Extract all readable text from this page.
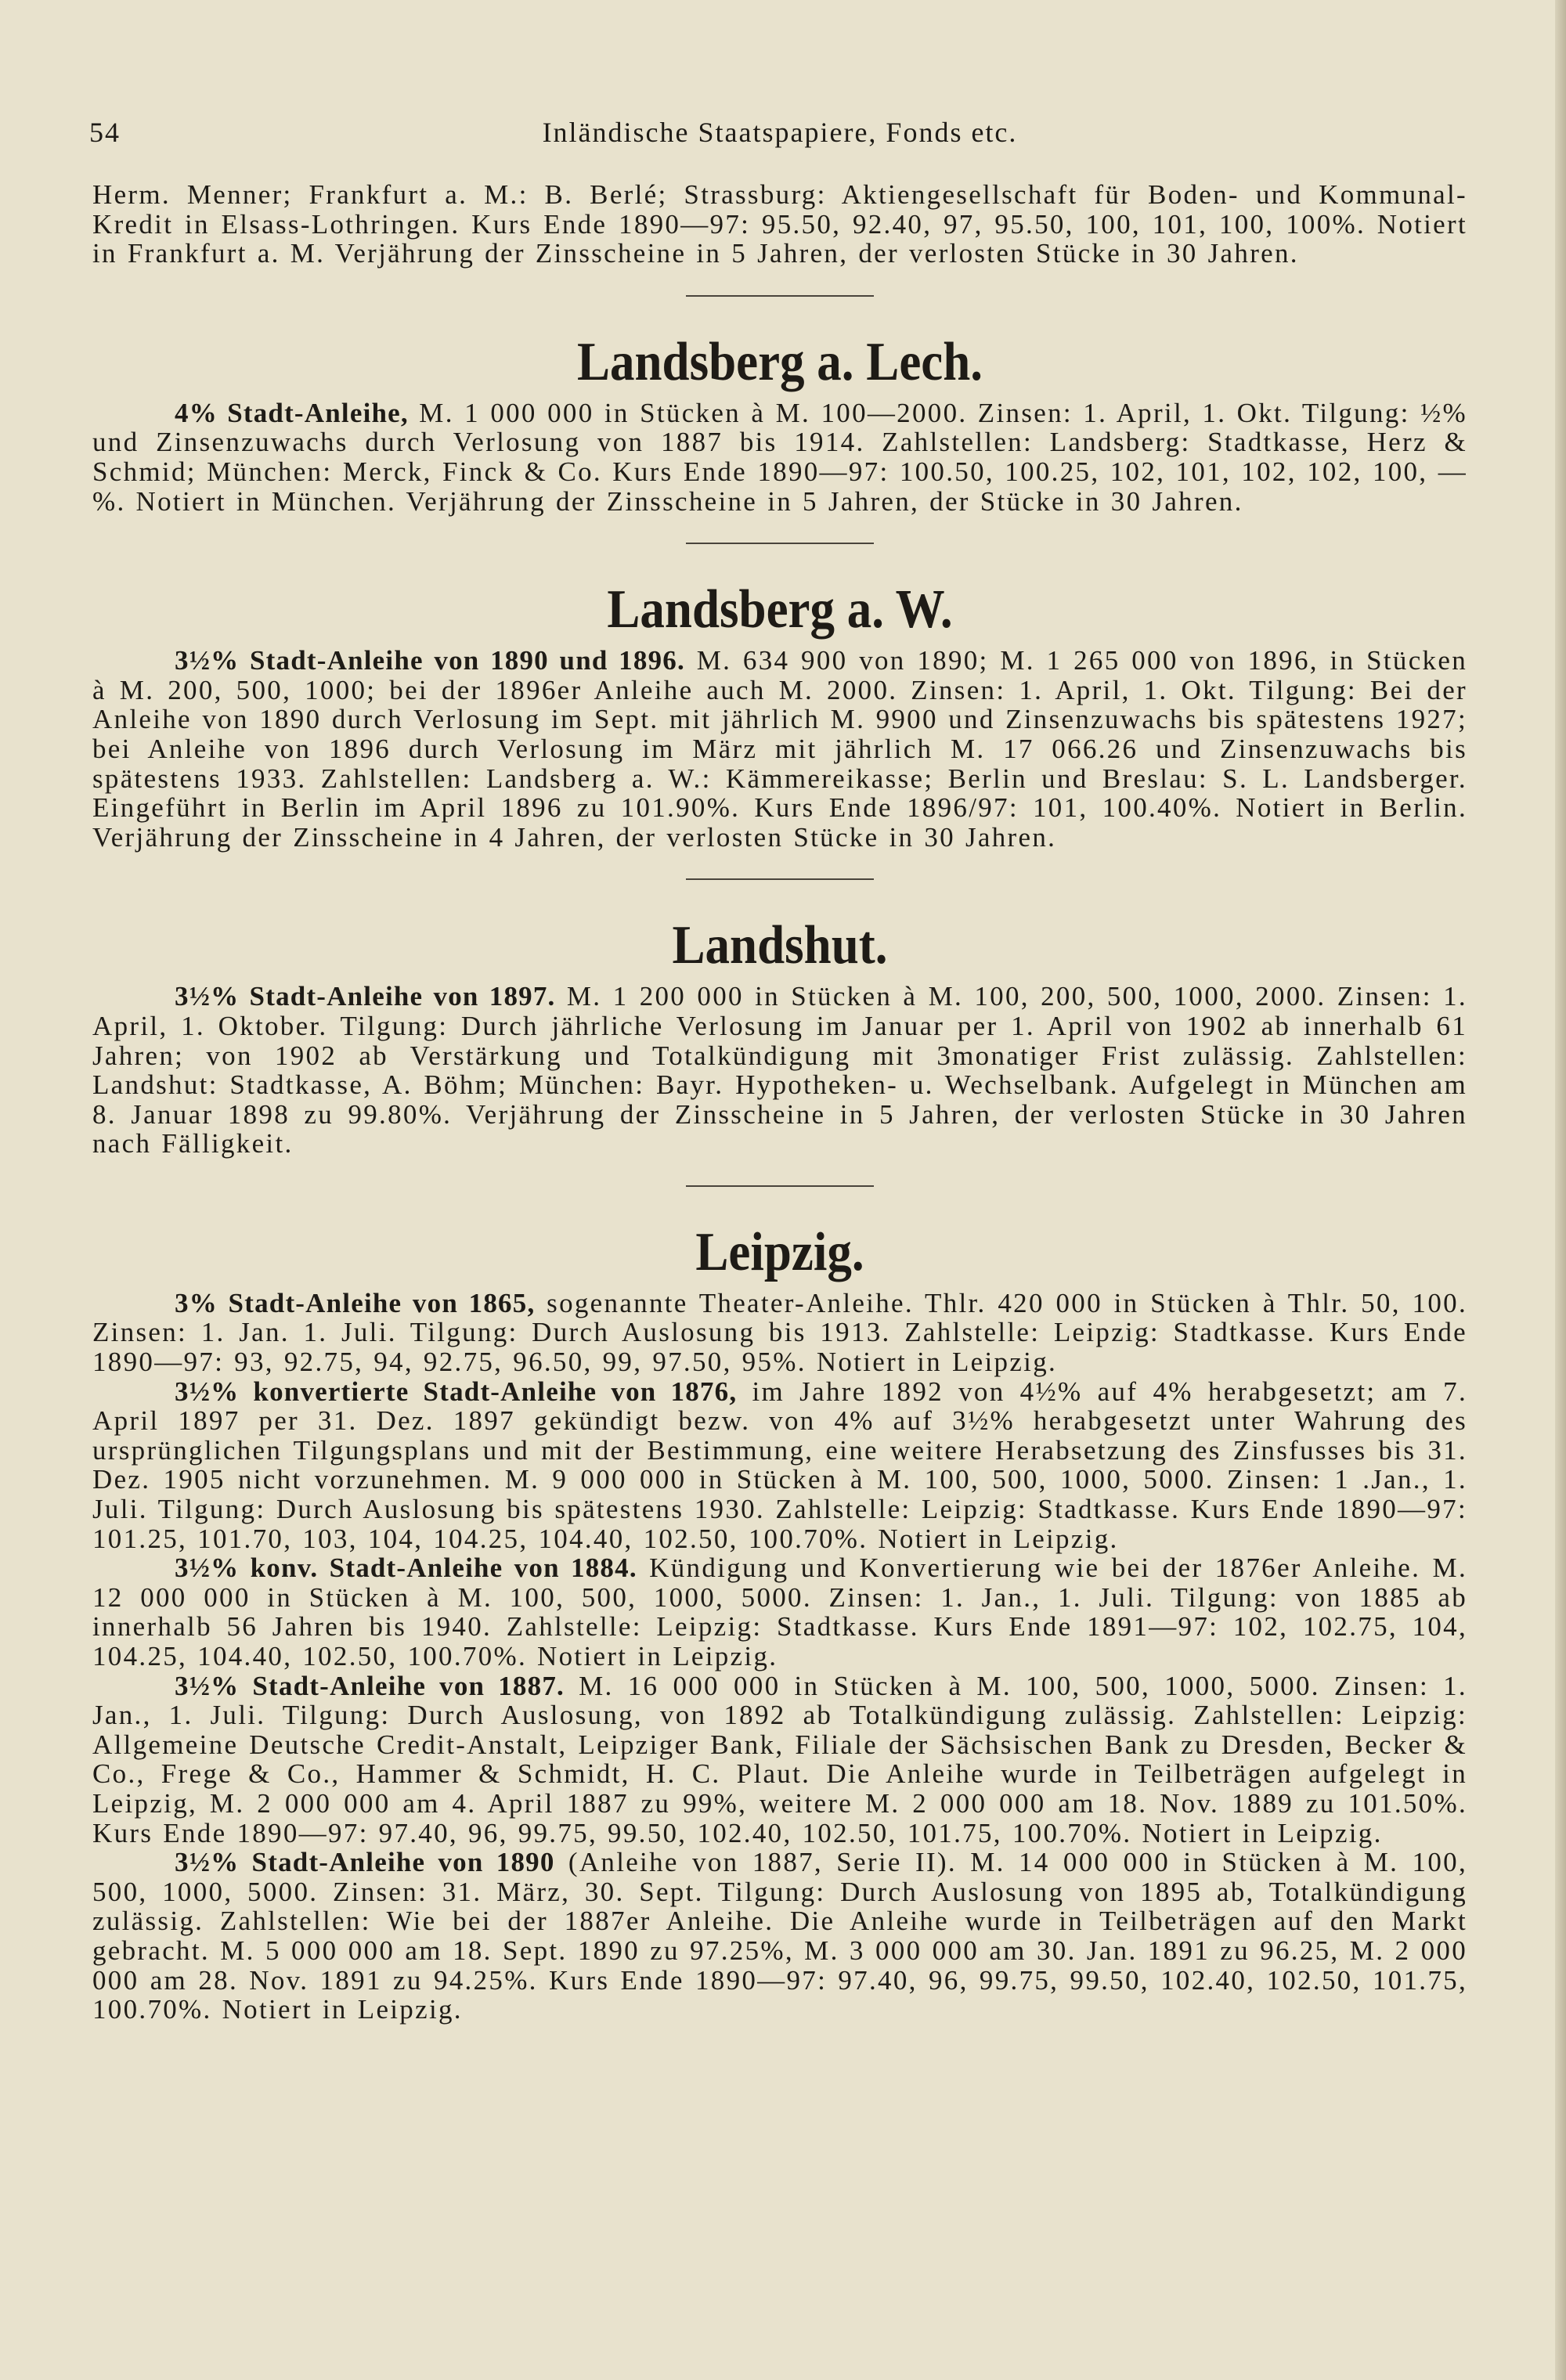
54	Inländische Staatspapiere, Fonds etc.

Herm. Menner; Frankfurt a. M.: B. Berlé; Strassburg: Aktiengesellschaft für Boden- und Kommunal-Kredit in Elsass-Lothringen. Kurs Ende 1890—97: 95.50, 92.40, 97, 95.50, 100, 101, 100, 100%. Notiert in Frankfurt a. M. Verjährung der Zinsscheine in 5 Jahren, der verlosten Stücke in 30 Jahren.

Landsberg a. Lech.

4% Stadt-Anleihe, M. 1 000 000 in Stücken à M. 100—2000. Zinsen: 1. April, 1. Okt. Tilgung: ½% und Zinsenzuwachs durch Verlosung von 1887 bis 1914. Zahlstellen: Landsberg: Stadtkasse, Herz & Schmid; München: Merck, Finck & Co. Kurs Ende 1890—97: 100.50, 100.25, 102, 101, 102, 102, 100, —%. Notiert in München. Verjährung der Zinsscheine in 5 Jahren, der Stücke in 30 Jahren.

Landsberg a. W.

3½% Stadt-Anleihe von 1890 und 1896. M. 634 900 von 1890; M. 1 265 000 von 1896, in Stücken à M. 200, 500, 1000; bei der 1896er Anleihe auch M. 2000. Zinsen: 1. April, 1. Okt. Tilgung: Bei der Anleihe von 1890 durch Verlosung im Sept. mit jährlich M. 9900 und Zinsenzuwachs bis spätestens 1927; bei Anleihe von 1896 durch Verlosung im März mit jährlich M. 17 066.26 und Zinsenzuwachs bis spätestens 1933. Zahlstellen: Landsberg a. W.: Kämmereikasse; Berlin und Breslau: S. L. Landsberger. Eingeführt in Berlin im April 1896 zu 101.90%. Kurs Ende 1896/97: 101, 100.40%. Notiert in Berlin. Verjährung der Zinsscheine in 4 Jahren, der verlosten Stücke in 30 Jahren.

Landshut.

3½% Stadt-Anleihe von 1897. M. 1 200 000 in Stücken à M. 100, 200, 500, 1000, 2000. Zinsen: 1. April, 1. Oktober. Tilgung: Durch jährliche Verlosung im Januar per 1. April von 1902 ab innerhalb 61 Jahren; von 1902 ab Verstärkung und Totalkündigung mit 3monatiger Frist zulässig. Zahlstellen: Landshut: Stadtkasse, A. Böhm; München: Bayr. Hypotheken- u. Wechselbank. Aufgelegt in München am 8. Januar 1898 zu 99.80%. Verjährung der Zinsscheine in 5 Jahren, der verlosten Stücke in 30 Jahren nach Fälligkeit.

Leipzig.

3% Stadt-Anleihe von 1865, sogenannte Theater-Anleihe. Thlr. 420 000 in Stücken à Thlr. 50, 100. Zinsen: 1. Jan. 1. Juli. Tilgung: Durch Auslosung bis 1913. Zahlstelle: Leipzig: Stadtkasse. Kurs Ende 1890—97: 93, 92.75, 94, 92.75, 96.50, 99, 97.50, 95%. Notiert in Leipzig.

3½% konvertierte Stadt-Anleihe von 1876, im Jahre 1892 von 4½% auf 4% herabgesetzt; am 7. April 1897 per 31. Dez. 1897 gekündigt bezw. von 4% auf 3½% herabgesetzt unter Wahrung des ursprünglichen Tilgungsplans und mit der Bestimmung, eine weitere Herabsetzung des Zinsfusses bis 31. Dez. 1905 nicht vorzunehmen. M. 9 000 000 in Stücken à M. 100, 500, 1000, 5000. Zinsen: 1 .Jan., 1. Juli. Tilgung: Durch Auslosung bis spätestens 1930. Zahlstelle: Leipzig: Stadtkasse. Kurs Ende 1890—97: 101.25, 101.70, 103, 104, 104.25, 104.40, 102.50, 100.70%. Notiert in Leipzig.

3½% konv. Stadt-Anleihe von 1884. Kündigung und Konvertierung wie bei der 1876er Anleihe. M. 12 000 000 in Stücken à M. 100, 500, 1000, 5000. Zinsen: 1. Jan., 1. Juli. Tilgung: von 1885 ab innerhalb 56 Jahren bis 1940. Zahlstelle: Leipzig: Stadtkasse. Kurs Ende 1891—97: 102, 102.75, 104, 104.25, 104.40, 102.50, 100.70%. Notiert in Leipzig.

3½% Stadt-Anleihe von 1887. M. 16 000 000 in Stücken à M. 100, 500, 1000, 5000. Zinsen: 1. Jan., 1. Juli. Tilgung: Durch Auslosung, von 1892 ab Totalkündigung zulässig. Zahlstellen: Leipzig: Allgemeine Deutsche Credit-Anstalt, Leipziger Bank, Filiale der Sächsischen Bank zu Dresden, Becker & Co., Frege & Co., Hammer & Schmidt, H. C. Plaut. Die Anleihe wurde in Teilbeträgen aufgelegt in Leipzig, M. 2 000 000 am 4. April 1887 zu 99%, weitere M. 2 000 000 am 18. Nov. 1889 zu 101.50%. Kurs Ende 1890—97: 97.40, 96, 99.75, 99.50, 102.40, 102.50, 101.75, 100.70%. Notiert in Leipzig.

3½% Stadt-Anleihe von 1890 (Anleihe von 1887, Serie II). M. 14 000 000 in Stücken à M. 100, 500, 1000, 5000. Zinsen: 31. März, 30. Sept. Tilgung: Durch Auslosung von 1895 ab, Totalkündigung zulässig. Zahlstellen: Wie bei der 1887er Anleihe. Die Anleihe wurde in Teilbeträgen auf den Markt gebracht. M. 5 000 000 am 18. Sept. 1890 zu 97.25%, M. 3 000 000 am 30. Jan. 1891 zu 96.25, M. 2 000 000 am 28. Nov. 1891 zu 94.25%. Kurs Ende 1890—97: 97.40, 96, 99.75, 99.50, 102.40, 102.50, 101.75, 100.70%. Notiert in Leipzig.
